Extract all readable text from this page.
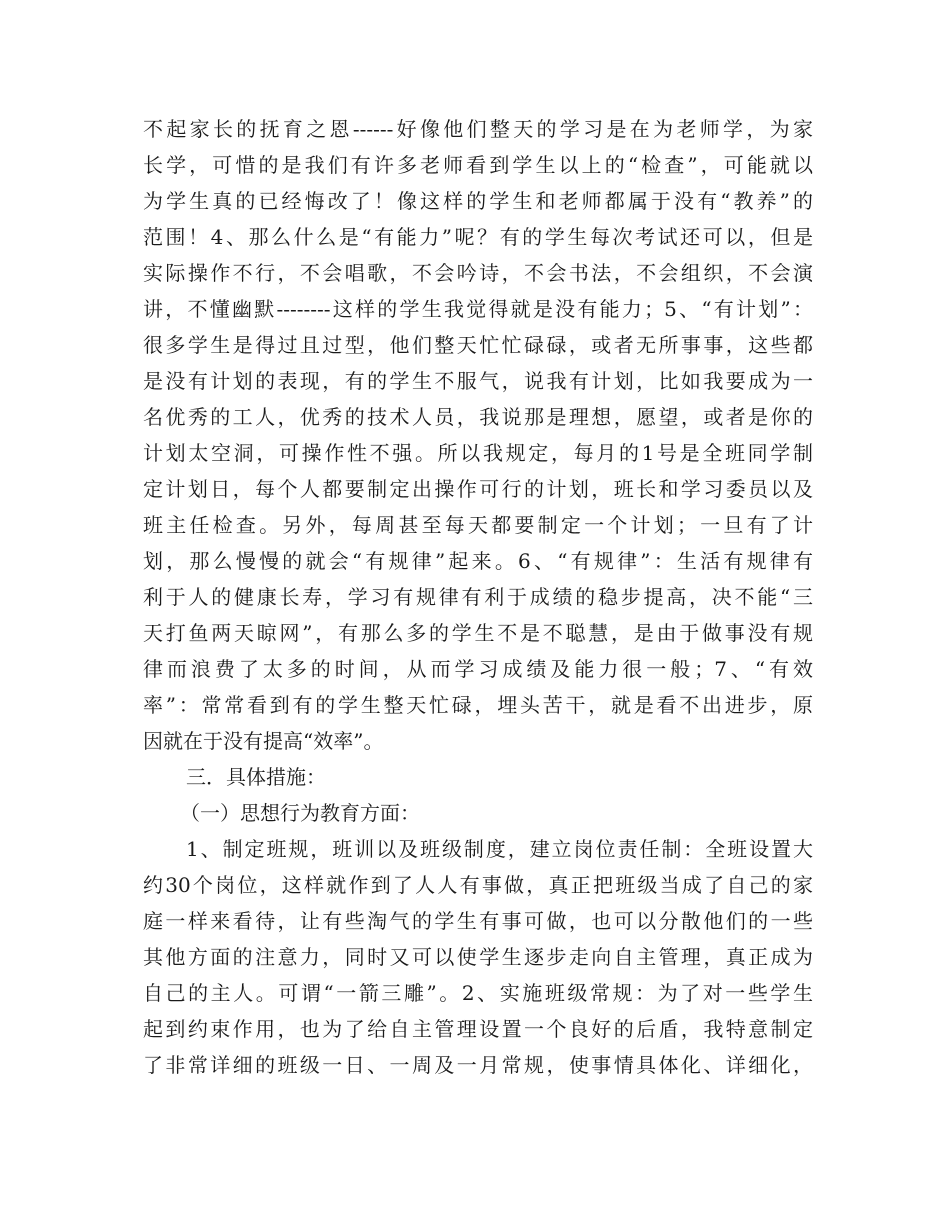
不起家长的抚育之恩------好像他们整天的学习是在为老师学，为家
长学，可惜的是我们有许多老师看到学生以上的“检查”，可能就以
为学生真的已经悔改了！像这样的学生和老师都属于没有“教养”的
范围！4、那么什么是“有能力”呢？有的学生每次考试还可以，但是
实际操作不行，不会唱歌，不会吟诗，不会书法，不会组织，不会演
讲，不懂幽默--------这样的学生我觉得就是没有能力；5、“有计划”：
很多学生是得过且过型，他们整天忙忙碌碌，或者无所事事，这些都
是没有计划的表现，有的学生不服气，说我有计划，比如我要成为一
名优秀的工人，优秀的技术人员，我说那是理想，愿望，或者是你的
计划太空洞，可操作性不强。所以我规定，每月的1号是全班同学制
定计划日，每个人都要制定出操作可行的计划，班长和学习委员以及
班主任检查。另外，每周甚至每天都要制定一个计划；一旦有了计
划，那么慢慢的就会“有规律”起来。6、“有规律”：生活有规律有
利于人的健康长寿，学习有规律有利于成绩的稳步提高，决不能“三
天打鱼两天晾网”，有那么多的学生不是不聪慧，是由于做事没有规
律而浪费了太多的时间，从而学习成绩及能力很一般；7、“有效
率”：常常看到有的学生整天忙碌，埋头苦干，就是看不出进步，原
因就在于没有提高“效率”。
三．具体措施：
（一）思想行为教育方面：
1、制定班规，班训以及班级制度，建立岗位责任制：全班设置大
约30个岗位，这样就作到了人人有事做，真正把班级当成了自己的家
庭一样来看待，让有些淘气的学生有事可做，也可以分散他们的一些
其他方面的注意力，同时又可以使学生逐步走向自主管理，真正成为
自己的主人。可谓“一箭三雕”。2、实施班级常规：为了对一些学生
起到约束作用，也为了给自主管理设置一个良好的后盾，我特意制定
了非常详细的班级一日、一周及一月常规，使事情具体化、详细化，
